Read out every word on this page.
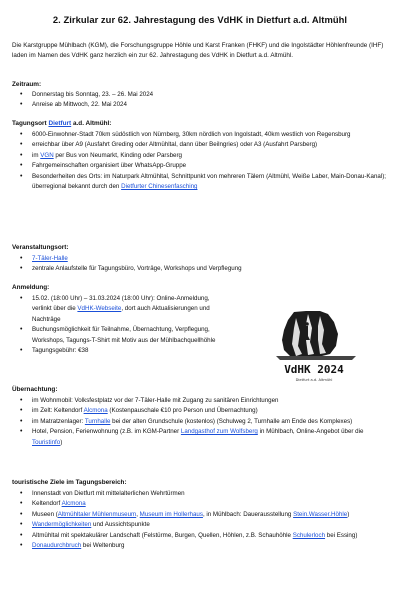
2. Zirkular zur 62. Jahrestagung des VdHK in Dietfurt a.d. Altmühl
Die Karstgruppe Mühlbach (KGM), die Forschungsgruppe Höhle und Karst Franken (FHKF) und die Ingolstädter Höhlenfreunde (IHF) laden im Namen des VdHK ganz herzlich ein zur 62. Jahrestagung des VdHK in Dietfurt a.d. Altmühl.
Zeitraum:
• Donnerstag bis Sonntag, 23. – 26. Mai 2024
• Anreise ab Mittwoch, 22. Mai 2024
Tagungsort Dietfurt a.d. Altmühl:
• 6000-Einwohner-Stadt 70km südöstlich von Nürnberg, 30km nördlich von Ingolstadt, 40km westlich von Regensburg
• erreichbar über A9 (Ausfahrt Greding oder Altmühltal, dann über Beilngries) oder A3 (Ausfahrt Parsberg)
• im VGN per Bus von Neumarkt, Kinding oder Parsberg
• Fahrgemeinschaften organisiert über WhatsApp-Gruppe
• Besonderheiten des Orts: im Naturpark Altmühltal, Schnittpunkt von mehreren Tälern (Altmühl, Weiße Laber, Main-Donau-Kanal); überregional bekannt durch den Dietfurter Chinesenfasching
Veranstaltungsort:
• 7-Täler-Halle
• zentrale Anlaufstelle für Tagungsbüro, Vorträge, Workshops und Verpflegung
Anmeldung:
• 15.02. (18:00 Uhr) – 31.03.2024 (18:00 Uhr): Online-Anmeldung, verlinkt über die VdHK-Webseite, dort auch Aktualisierungen und Nachträge
• Buchungsmöglichkeit für Teilnahme, Übernachtung, Verpflegung, Workshops, Tagungs-T-Shirt mit Motiv aus der Mühlbachquellhöhle
• Tagungsgebühr: €38
VdHK 2024
Dietfurt a.d. Altmühl
Übernachtung:
• im Wohnmobil: Volksfestplatz vor der 7-Täler-Halle mit Zugang zu sanitären Einrichtungen
• im Zelt: Keltendorf Alcmona (Kostenpauschale €10 pro Person und Übernachtung)
• im Matratzenlager: Turnhalle bei der alten Grundschule (kostenlos) (Schulweg 2, Turnhalle am Ende des Komplexes)
• Hotel, Pension, Ferienwohnung (z.B. im KGM-Partner Landgasthof zum Wolfsberg in Mühlbach, Online-Angebot über die Touristinfo)
touristische Ziele im Tagungsbereich:
• Innenstadt von Dietfurt mit mittelalterlichen Wehrtürmen
• Keltendorf Alcmona
• Museen (Altmühltaler Mühlenmuseum, Museum im Hollerhaus, in Mühlbach: Dauerausstellung Stein.Wasser.Höhle)
• Wandermöglichkeiten und Aussichtspunkte
• Altmühltal mit spektakulärer Landschaft (Felstürme, Burgen, Quellen, Höhlen, z.B. Schauhöhle Schulerloch bei Essing)
• Donaudurchbruch bei Weltenburg
